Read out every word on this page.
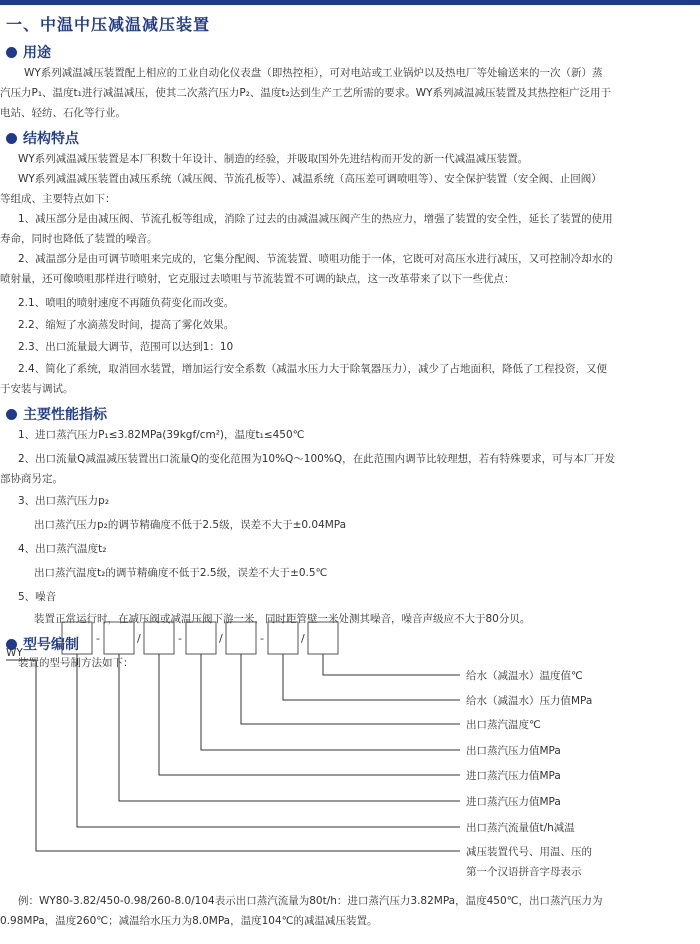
一、中温中压减温减压装置
用途
WY系列减温减压装置配上相应的工业自动化仪表盘（即热控柜），可对电站或工业锅炉以及热电厂等处输送来的一次（新）蒸
汽压力P₁、温度t₁进行减温减压，使其二次蒸汽压力P₂、温度t₂达到生产工艺所需的要求。WY系列减温减压装置及其热控柜广泛用于
电站、轻纺、石化等行业。
结构特点
WY系列减温减压装置是本厂积数十年设计、制造的经验，并吸取国外先进结构而开发的新一代减温减压装置。
WY系列减温减压装置由减压系统（减压阀、节流孔板等）、减温系统（高压差可调喷咀等）、安全保护装置（安全阀、止回阀）
等组成、主要特点如下：
1、减压部分是由减压阀、节流孔板等组成，消除了过去的由减温减压阀产生的热应力，增强了装置的安全性，延长了装置的使用
寿命，同时也降低了装置的噪音。
2、减温部分是由可调节喷咀来完成的，它集分配阀、节流装置、喷咀功能于一体，它既可对高压水进行减压，又可控制冷却水的
喷射量，还可像喷咀那样进行喷射，它克服过去喷咀与节流装置不可调的缺点，这一改革带来了以下一些优点：
2.1、喷咀的喷射速度不再随负荷变化而改变。
2.2、缩短了水滴蒸发时间，提高了雾化效果。
2.3、出口流量最大调节，范围可以达到1：10
2.4、简化了系统，取消回水装置，增加运行安全系数（减温水压力大于除氧器压力），减少了占地面积，降低了工程投资，又便
于安装与调试。
主要性能指标
1、进口蒸汽压力P₁≤3.82MPa(39kgf/cm²)，温度t₁≤450℃
2、出口流量Q减温减压装置出口流量Q的变化范围为10%Q～100%Q，在此范围内调节比较理想，若有特殊要求，可与本厂开发
部协商另定。
3、出口蒸汽压力p₂
出口蒸汽压力p₂的调节精确度不低于2.5级，误差不大于±0.04MPa
4、出口蒸汽温度t₂
出口蒸汽温度t₂的调节精确度不低于2.5级，误差不大于±0.5℃
5、噪音
装置正常运行时，在减压阀或减温压阀下游一米，同时距管壁一米处测其噪音，噪音声级应不大于80分贝。
型号编制
装置的型号制方法如下：
WY
-	/	-	/	-	/
给水（减温水）温度值℃
给水（减温水）压力值MPa
出口蒸汽温度℃
出口蒸汽压力值MPa
进口蒸汽压力值MPa
进口蒸汽压力值MPa
出口蒸汽流量值t/h减温
减压装置代号、用温、压的
第一个汉语拼音字母表示
例：WY80-3.82/450-0.98/260-8.0/104表示出口蒸汽流量为80t/h：进口蒸汽压力3.82MPa，温度450℃，出口蒸汽压力为
0.98MPa，温度260℃；减温给水压力为8.0MPa，温度104℃的减温减压装置。
